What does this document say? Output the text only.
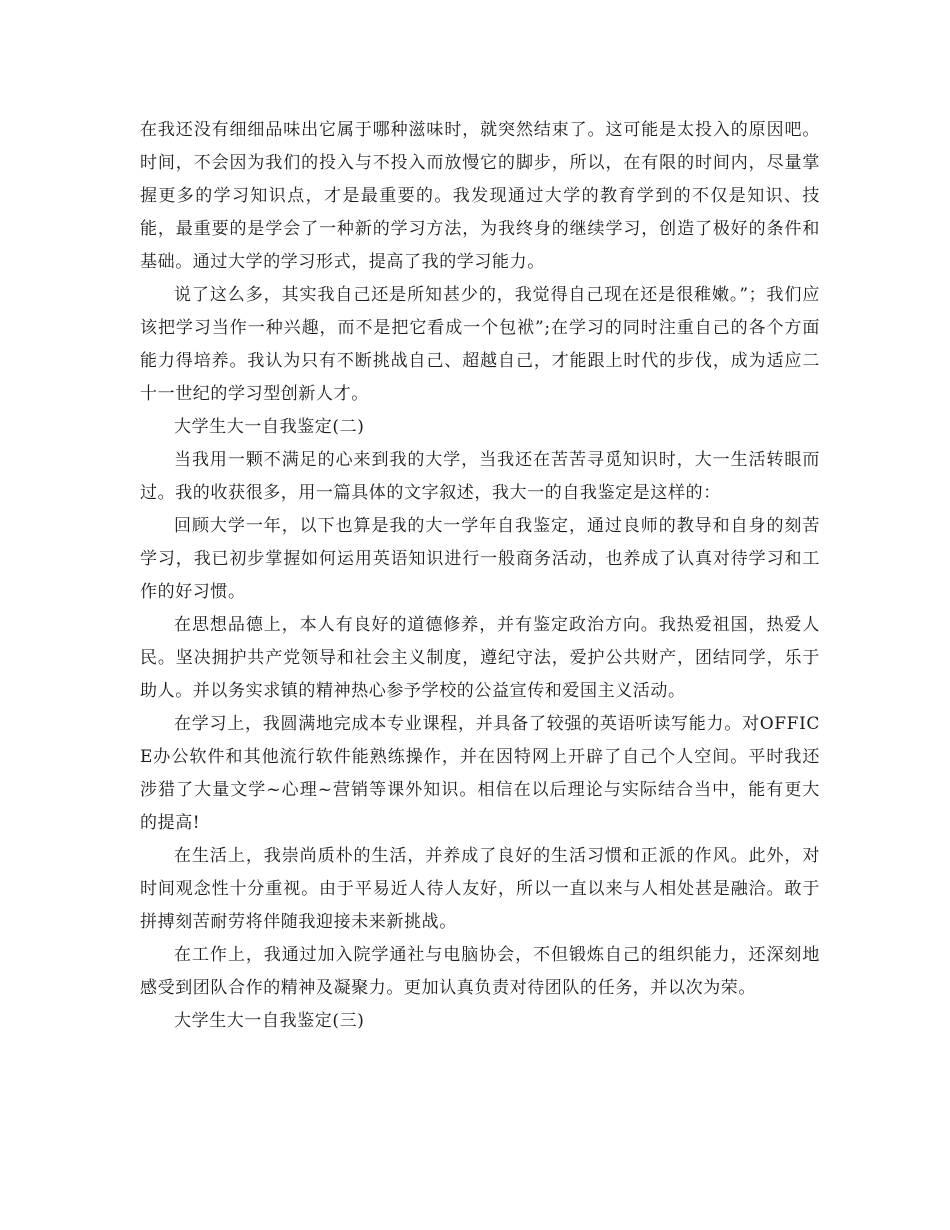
在我还没有细细品味出它属于哪种滋味时，就突然结束了。这可能是太投入的原因吧。时间，不会因为我们的投入与不投入而放慢它的脚步，所以，在有限的时间内，尽量掌握更多的学习知识点，才是最重要的。我发现通过大学的教育学到的不仅是知识、技能，最重要的是学会了一种新的学习方法，为我终身的继续学习，创造了极好的条件和基础。通过大学的学习形式，提高了我的学习能力。

说了这么多，其实我自己还是所知甚少的，我觉得自己现在还是很稚嫩。”；我们应该把学习当作一种兴趣，而不是把它看成一个包袱”;在学习的同时注重自己的各个方面能力得培养。我认为只有不断挑战自己、超越自己，才能跟上时代的步伐，成为适应二十一世纪的学习型创新人才。

大学生大一自我鉴定(二)

当我用一颗不满足的心来到我的大学，当我还在苦苦寻觅知识时，大一生活转眼而过。我的收获很多，用一篇具体的文字叙述，我大一的自我鉴定是这样的：

回顾大学一年，以下也算是我的大一学年自我鉴定，通过良师的教导和自身的刻苦学习，我已初步掌握如何运用英语知识进行一般商务活动，也养成了认真对待学习和工作的好习惯。

在思想品德上，本人有良好的道德修养，并有鉴定政治方向。我热爱祖国，热爱人民。坚决拥护共产党领导和社会主义制度，遵纪守法，爱护公共财产，团结同学，乐于助人。并以务实求镇的精神热心参予学校的公益宣传和爱国主义活动。

在学习上，我圆满地完成本专业课程，并具备了较强的英语听读写能力。对OFFICE办公软件和其他流行软件能熟练操作，并在因特网上开辟了自己个人空间。平时我还涉猎了大量文学~心理~营销等课外知识。相信在以后理论与实际结合当中，能有更大的提高!

在生活上，我崇尚质朴的生活，并养成了良好的生活习惯和正派的作风。此外，对时间观念性十分重视。由于平易近人待人友好，所以一直以来与人相处甚是融洽。敢于拼搏刻苦耐劳将伴随我迎接未来新挑战。

在工作上，我通过加入院学通社与电脑协会，不但锻炼自己的组织能力，还深刻地感受到团队合作的精神及凝聚力。更加认真负责对待团队的任务，并以次为荣。

大学生大一自我鉴定(三)
